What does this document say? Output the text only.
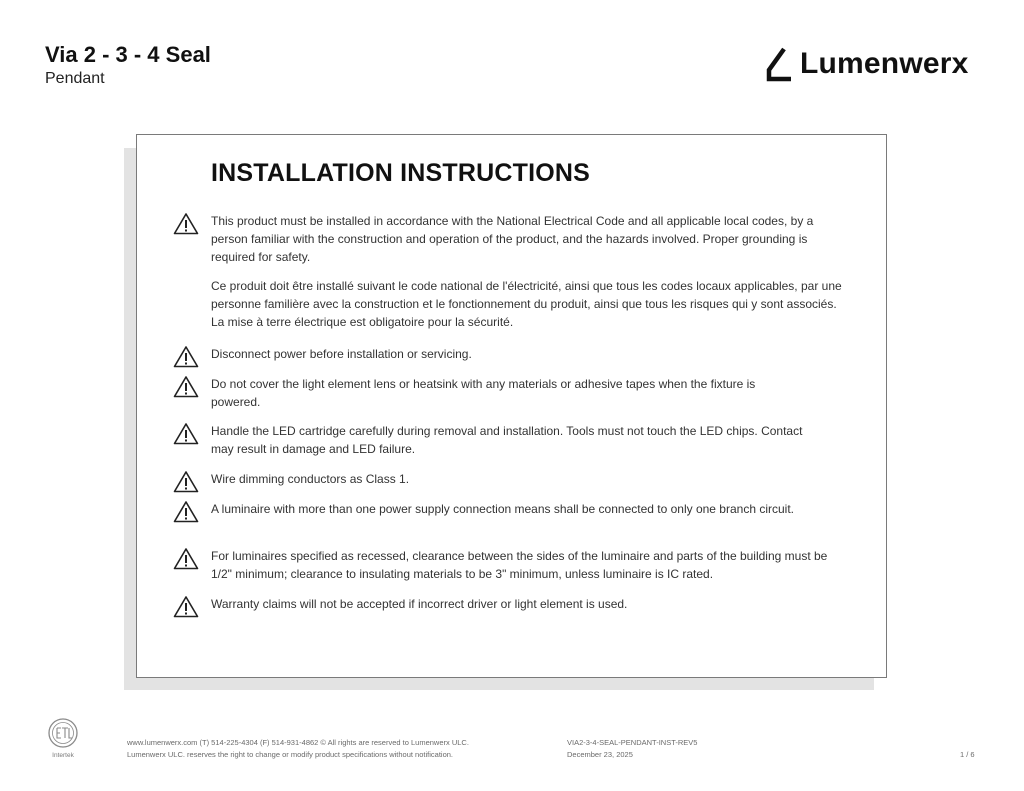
Via 2 - 3 - 4 Seal
Pendant	Lumenwerx
INSTALLATION INSTRUCTIONS

This product must be installed in accordance with the National Electrical Code and all applicable local codes, by a person familiar with the construction and operation of the product, and the hazards involved. Proper grounding is required for safety.

Ce produit doit être installé suivant le code national de l'électricité, ainsi que tous les codes locaux applicables, par une personne familière avec la construction et le fonctionnement du produit, ainsi que tous les risques qui y sont associés. La mise à terre électrique est obligatoire pour la sécurité.

Disconnect power before installation or servicing.
Do not cover the light element lens or heatsink with any materials or adhesive tapes when the fixture is powered.
Handle the LED cartridge carefully during removal and installation. Tools must not touch the LED chips. Contact may result in damage and LED failure.
Wire dimming conductors as Class 1.
A luminaire with more than one power supply connection means shall be connected to only one branch circuit.
For luminaires specified as recessed, clearance between the sides of the luminaire and parts of the building must be 1/2" minimum; clearance to insulating materials to be 3" minimum, unless luminaire is IC rated.
Warranty claims will not be accepted if incorrect driver or light element is used.
Intertek
www.lumenwerx.com (T) 514-225-4304 (F) 514-931-4862 © All rights are reserved to Lumenwerx ULC.
Lumenwerx ULC. reserves the right to change or modify product specifications without notification.
VIA2-3-4-SEAL-PENDANT-INST-REV5
December 23, 2025	1 / 6
